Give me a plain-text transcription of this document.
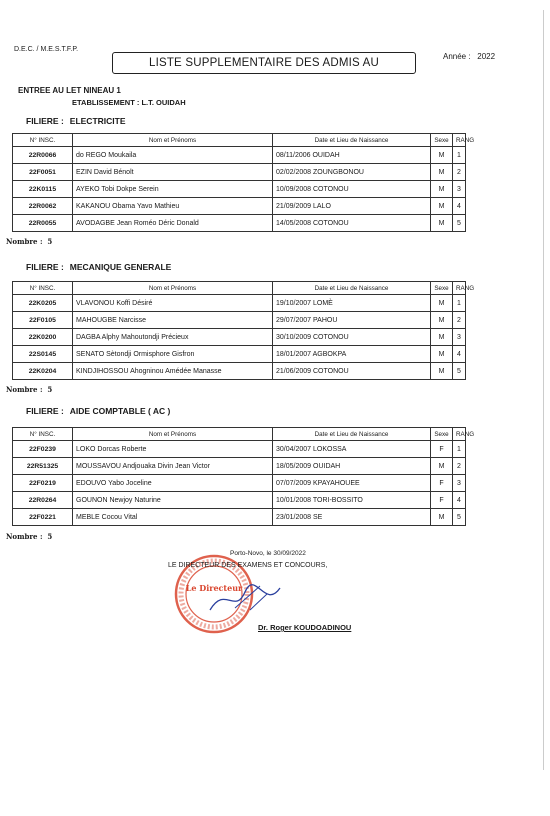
D.E.C. / M.E.S.T.F.P.
LISTE SUPPLEMENTAIRE DES ADMIS AU
Année : 2022
ENTREE AU LET NINEAU 1
ETABLISSEMENT : L.T. OUIDAH
FILIERE : ELECTRICITE
N° INSC.	Nom et Prénoms	Date et Lieu de Naissance	Sexe	RANG
22R0066	do REGO Moukaila	08/11/2006 OUIDAH	M	1
22F0051	EZIN David Bénolt	02/02/2008 ZOUNGBONOU	M	2
22K0115	AYEKO Tobi Dokpe Serein	10/09/2008 COTONOU	M	3
22R0062	KAKANOU Obama Yavo Mathieu	21/09/2009 LALO	M	4
22R0055	AVODAGBE Jean Roméo Déric Donald	14/05/2008 COTONOU	M	5
Nombre : 5
FILIERE : MECANIQUE GENERALE
N° INSC.	Nom et Prénoms	Date et Lieu de Naissance	Sexe	RANG
22K0205	VLAVONOU Koffi Désiré	19/10/2007 LOMÈ	M	1
22F0105	MAHOUGBE Narcisse	29/07/2007 PAHOU	M	2
22K0200	DAGBA Alphy Mahoutondji Précieux	30/10/2009 COTONOU	M	3
22S0145	SENATO Sètondji Ormisphore Gisfron	18/01/2007 AGBOKPA	M	4
22K0204	KINDJIHOSSOU Ahogninou Amédée Manasse	21/06/2009 COTONOU	M	5
Nombre : 5
FILIERE : AIDE COMPTABLE ( AC )
N° INSC.	Nom et Prénoms	Date et Lieu de Naissance	Sexe	RANG
22F0239	LOKO Dorcas Roberte	30/04/2007 LOKOSSA	F	1
22R51325	MOUSSAVOU Andjouaka Divin Jean Victor	18/05/2009 OUIDAH	M	2
22F0219	EDOUVO Yabo Joceline	07/07/2009 KPAYAHOUEE	F	3
22R0264	GOUNON Newjoy Naturine	10/01/2008 TORI-BOSSITO	F	4
22F0221	MEBLE Cocou Vital	23/01/2008 SE	M	5
Nombre : 5
Le Directeur
Porto-Novo, le 30/09/2022
LE DIRECTEUR DES EXAMENS ET CONCOURS,
Dr. Roger KOUDOADINOU
